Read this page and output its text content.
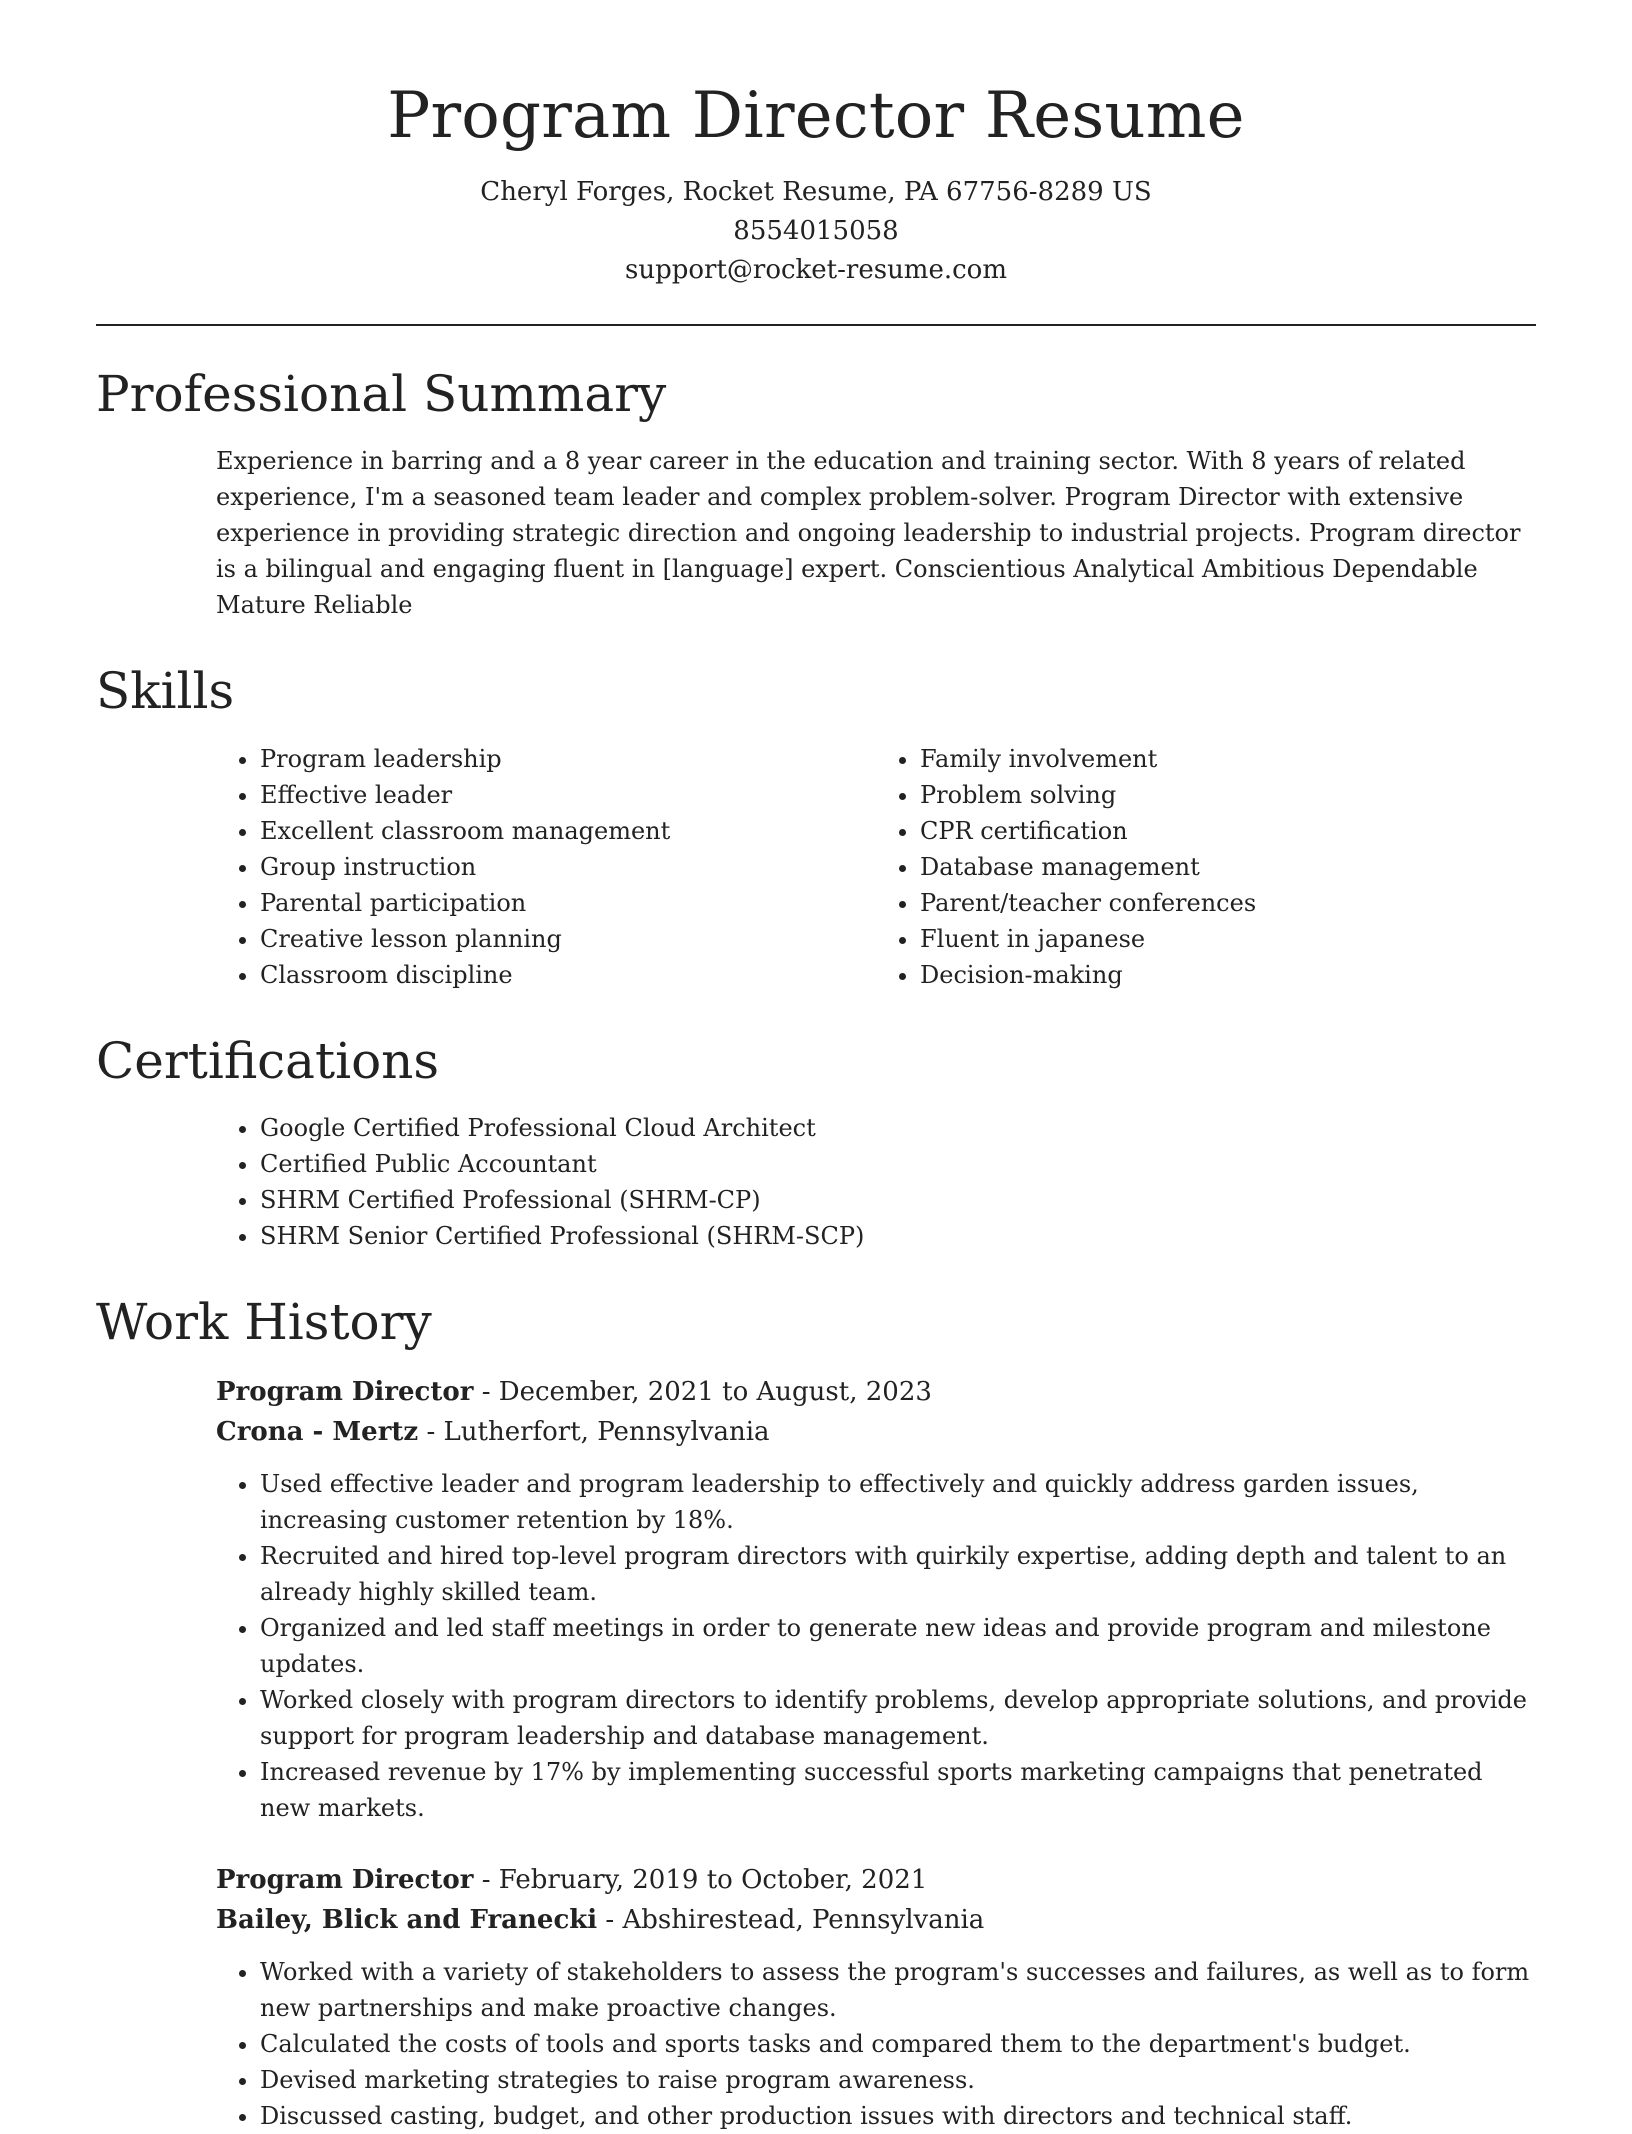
Program Director Resume
Cheryl Forges, Rocket Resume, PA 67756-8289 US
8554015058
support@rocket-resume.com
Professional Summary

Experience in barring and a 8 year career in the education and training sector. With 8 years of related experience, I'm a seasoned team leader and complex problem-solver. Program Director with extensive experience in providing strategic direction and ongoing leadership to industrial projects. Program director is a bilingual and engaging fluent in [language] expert. Conscientious Analytical Ambitious Dependable Mature Reliable

Skills
• Program leadership
• Effective leader
• Excellent classroom management
• Group instruction
• Parental participation
• Creative lesson planning
• Classroom discipline
• Family involvement
• Problem solving
• CPR certification
• Database management
• Parent/teacher conferences
• Fluent in japanese
• Decision-making
Certifications
• Google Certified Professional Cloud Architect
• Certified Public Accountant
• SHRM Certified Professional (SHRM-CP)
• SHRM Senior Certified Professional (SHRM-SCP)
Work History
Program Director - December, 2021 to August, 2023
Crona - Mertz - Lutherfort, Pennsylvania
• Used effective leader and program leadership to effectively and quickly address garden issues, increasing customer retention by 18%.
• Recruited and hired top-level program directors with quirkily expertise, adding depth and talent to an already highly skilled team.
• Organized and led staff meetings in order to generate new ideas and provide program and milestone updates.
• Worked closely with program directors to identify problems, develop appropriate solutions, and provide support for program leadership and database management.
• Increased revenue by 17% by implementing successful sports marketing campaigns that penetrated new markets.
Program Director - February, 2019 to October, 2021
Bailey, Blick and Franecki - Abshirestead, Pennsylvania
• Worked with a variety of stakeholders to assess the program's successes and failures, as well as to form new partnerships and make proactive changes.
• Calculated the costs of tools and sports tasks and compared them to the department's budget.
• Devised marketing strategies to raise program awareness.
• Discussed casting, budget, and other production issues with directors and technical staff.
